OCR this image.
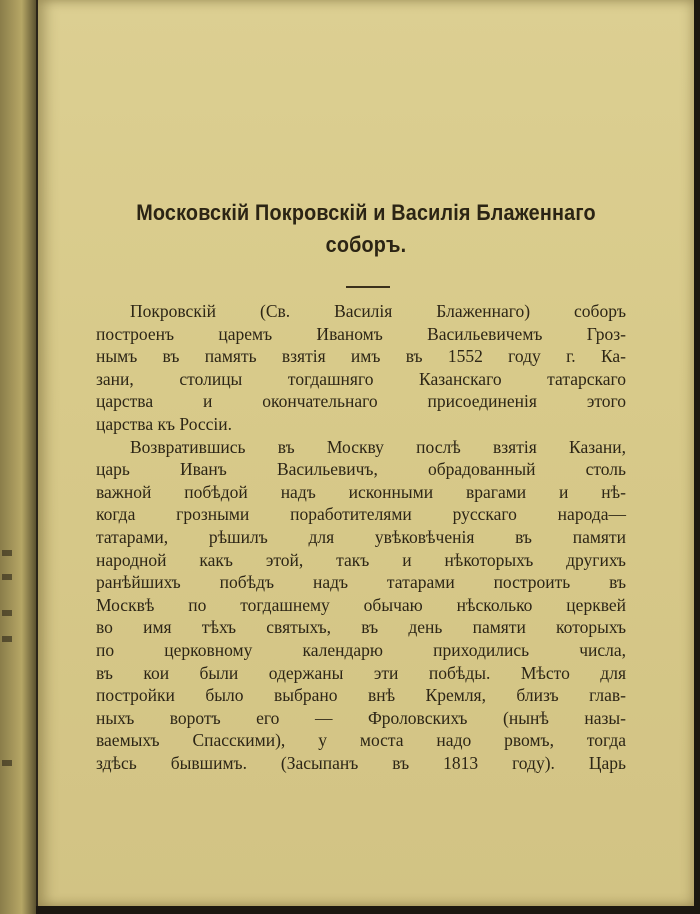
Московскій Покровскій и Василія Блаженнаго
соборъ.
Покровскій (Св. Василія Блаженнаго) соборъ
построенъ царемъ Иваномъ Васильевичемъ Гроз-
нымъ въ память взятія имъ въ 1552 году г. Ка-
зани, столицы тогдашняго Казанскаго татарскаго
царства и окончательнаго присоединенія этого
царства къ Россіи.
Возвратившись въ Москву послѣ взятія Казани,
царь Иванъ Васильевичъ, обрадованный столь
важной побѣдой надъ исконными врагами и нѣ-
когда грозными поработителями русскаго народа—
татарами, рѣшилъ для увѣковѣченія въ памяти
народной какъ этой, такъ и нѣкоторыхъ другихъ
ранѣйшихъ побѣдъ надъ татарами построить въ
Москвѣ по тогдашнему обычаю нѣсколько церквей
во имя тѣхъ святыхъ, въ день памяти которыхъ
по церковному календарю приходились числа,
въ кои были одержаны эти побѣды. Мѣсто для
постройки было выбрано внѣ Кремля, близъ глав-
ныхъ воротъ его — Фроловскихъ (нынѣ назы-
ваемыхъ Спасскими), у моста надо рвомъ, тогда
здѣсь бывшимъ. (Засыпанъ въ 1813 году). Царь
